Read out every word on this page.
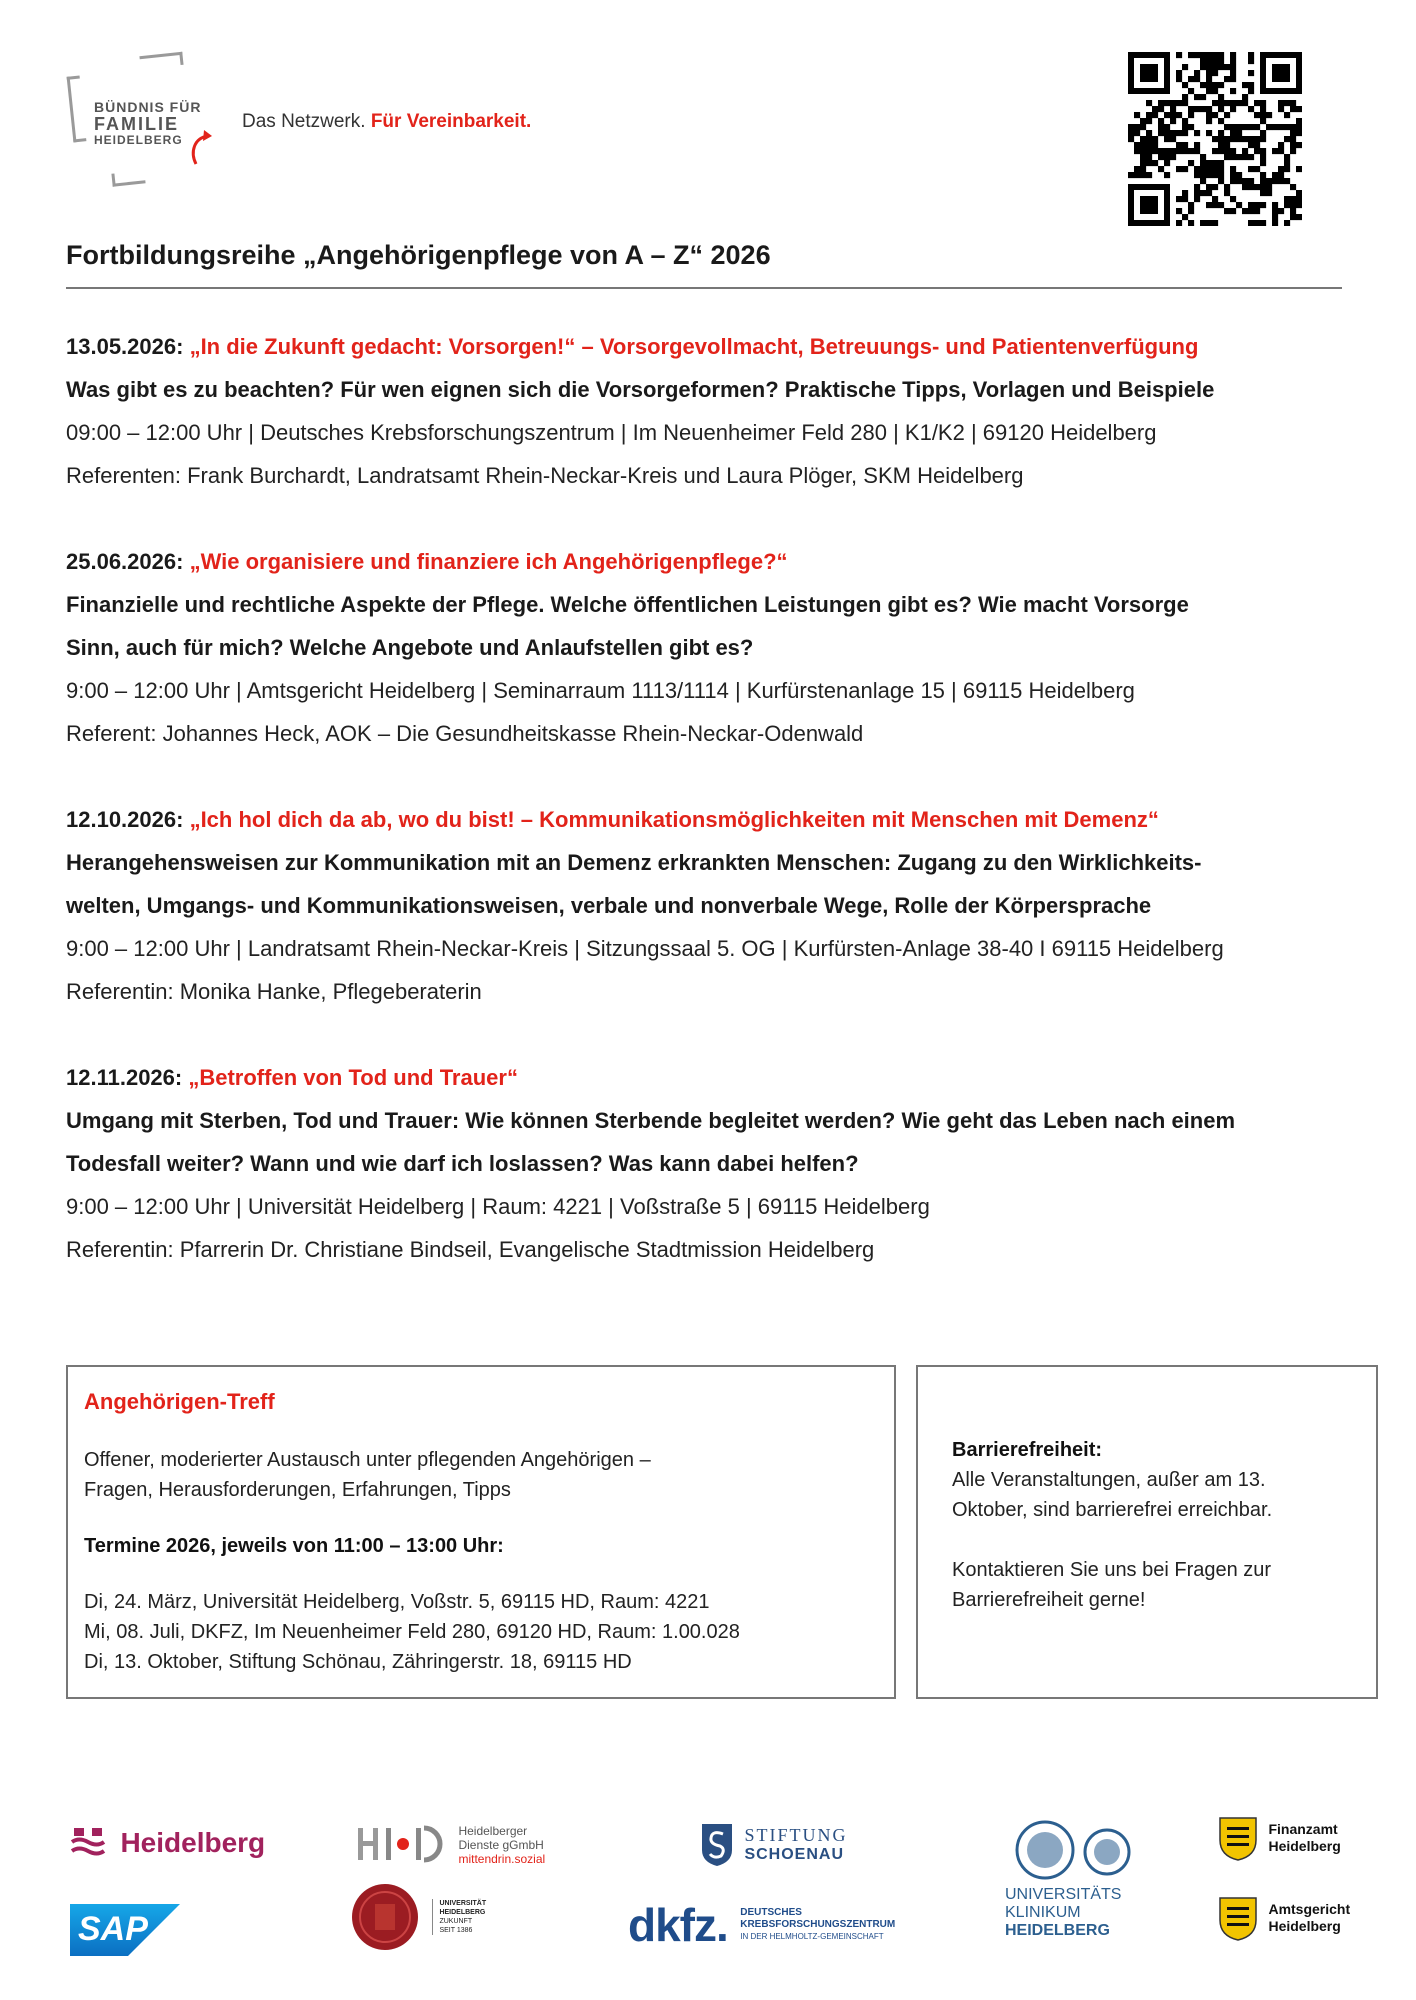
BÜNDNIS FÜR
FAMILIE
HEIDELBERG
Das Netzwerk. Für Vereinbarkeit.
Fortbildungsreihe „Angehörigenpflege von A – Z“ 2026
13.05.2026: „In die Zukunft gedacht: Vorsorgen!“ – Vorsorgevollmacht, Betreuungs- und Patientenverfügung
Was gibt es zu beachten? Für wen eignen sich die Vorsorgeformen? Praktische Tipps, Vorlagen und Beispiele
09:00 – 12:00 Uhr | Deutsches Krebsforschungszentrum | Im Neuenheimer Feld 280 | K1/K2 | 69120 Heidelberg
Referenten: Frank Burchardt, Landratsamt Rhein-Neckar-Kreis und Laura Plöger, SKM Heidelberg
25.06.2026: „Wie organisiere und finanziere ich Angehörigenpflege?“
Finanzielle und rechtliche Aspekte der Pflege. Welche öffentlichen Leistungen gibt es? Wie macht Vorsorge
Sinn, auch für mich? Welche Angebote und Anlaufstellen gibt es?
9:00 – 12:00 Uhr | Amtsgericht Heidelberg | Seminarraum 1113/1114 | Kurfürstenanlage 15 | 69115 Heidelberg
Referent: Johannes Heck, AOK – Die Gesundheitskasse Rhein-Neckar-Odenwald
12.10.2026: „Ich hol dich da ab, wo du bist! – Kommunikationsmöglichkeiten mit Menschen mit Demenz“
Herangehensweisen zur Kommunikation mit an Demenz erkrankten Menschen: Zugang zu den Wirklichkeits-
welten, Umgangs- und Kommunikationsweisen, verbale und nonverbale Wege, Rolle der Körpersprache
9:00 – 12:00 Uhr | Landratsamt Rhein-Neckar-Kreis | Sitzungssaal 5. OG | Kurfürsten-Anlage 38-40 I 69115 Heidelberg
Referentin: Monika Hanke, Pflegeberaterin
12.11.2026: „Betroffen von Tod und Trauer“
Umgang mit Sterben, Tod und Trauer: Wie können Sterbende begleitet werden? Wie geht das Leben nach einem
Todesfall weiter? Wann und wie darf ich loslassen? Was kann dabei helfen?
9:00 – 12:00 Uhr | Universität Heidelberg | Raum: 4221 | Voßstraße 5 | 69115 Heidelberg
Referentin: Pfarrerin Dr. Christiane Bindseil, Evangelische Stadtmission Heidelberg
Angehörigen-Treff

Offener, moderierter Austausch unter pflegenden Angehörigen –

Fragen, Herausforderungen, Erfahrungen, Tipps

Termine 2026, jeweils von 11:00 – 13:00 Uhr:

Di, 24. März, Universität Heidelberg, Voßstr. 5, 69115 HD, Raum: 4221

Mi, 08. Juli, DKFZ, Im Neuenheimer Feld 280, 69120 HD, Raum: 1.00.028

Di, 13. Oktober, Stiftung Schönau, Zähringerstr. 18, 69115 HD

Barrierefreiheit:

Alle Veranstaltungen, außer am 13.

Oktober, sind barrierefrei erreichbar.

Kontaktieren Sie uns bei Fragen zur

Barrierefreiheit gerne!

Heidelberg
SAP

Heidelberger
Dienste gGmbH
mittendrin.sozial

UNIVERSITÄT
HEIDELBERG
ZUKUNFT
SEIT 1386

STIFTUNG
SCHOENAU
dkfz. DEUTSCHES
KREBSFORSCHUNGSZENTRUM
IN DER HELMHOLTZ-GEMEINSCHAFT
UNIVERSITÄTS
KLINIKUM
HEIDELBERG

Finanzamt
Heidelberg

Amtsgericht
Heidelberg
